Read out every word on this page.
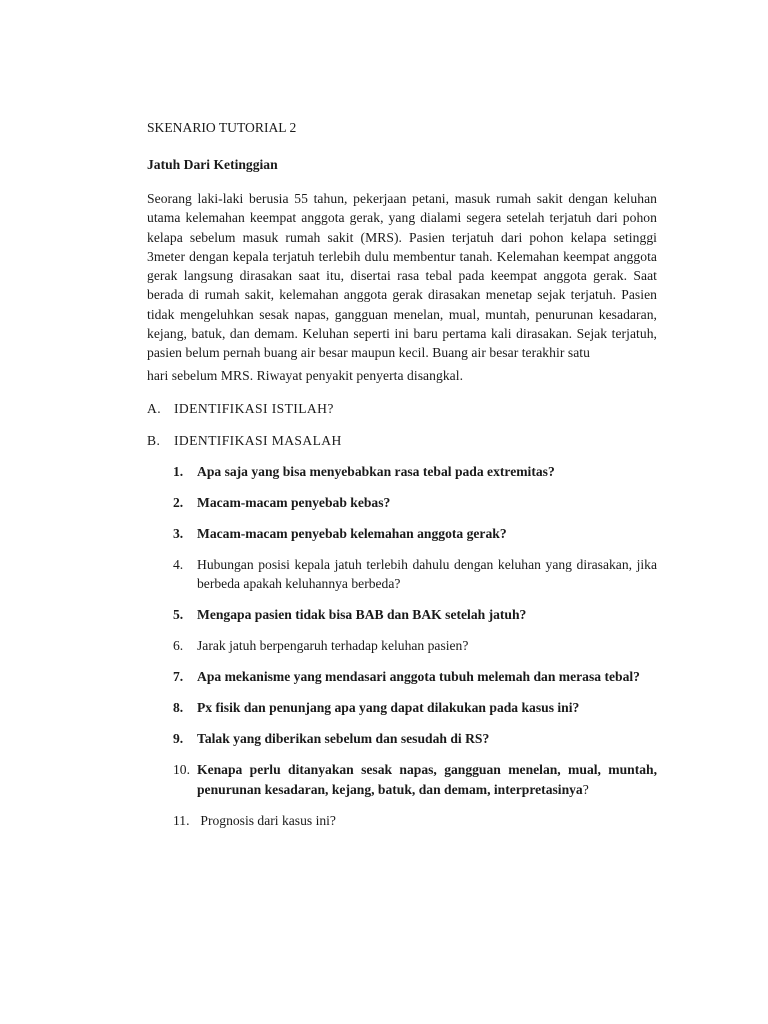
SKENARIO TUTORIAL 2

Jatuh Dari Ketinggian

Seorang laki-laki berusia 55 tahun, pekerjaan petani, masuk rumah sakit dengan keluhan utama kelemahan keempat anggota gerak, yang dialami segera setelah terjatuh dari pohon kelapa sebelum masuk rumah sakit (MRS). Pasien terjatuh dari pohon kelapa setinggi 3meter dengan kepala terjatuh terlebih dulu membentur tanah. Kelemahan keempat anggota gerak langsung dirasakan saat itu, disertai rasa tebal pada keempat anggota gerak. Saat berada di rumah sakit, kelemahan anggota gerak dirasakan menetap sejak terjatuh. Pasien tidak mengeluhkan sesak napas, gangguan menelan, mual, muntah, penurunan kesadaran, kejang, batuk, dan demam. Keluhan seperti ini baru pertama kali dirasakan. Sejak terjatuh, pasien belum pernah buang air besar maupun kecil. Buang air besar terakhir satu
hari sebelum MRS. Riwayat penyakit penyerta disangkal.

A. IDENTIFIKASI ISTILAH?
B.	IDENTIFIKASI MASALAH
1.	Apa saja yang bisa menyebabkan rasa tebal pada extremitas?
2.	Macam-macam penyebab kebas?
3.	Macam-macam penyebab kelemahan anggota gerak?
4.	Hubungan posisi kepala jatuh terlebih dahulu dengan keluhan yang dirasakan, jika berbeda apakah keluhannya berbeda?
5.	Mengapa pasien tidak bisa BAB dan BAK setelah jatuh?
6.	Jarak jatuh berpengaruh terhadap keluhan pasien?
7.	Apa mekanisme yang mendasari anggota tubuh melemah dan merasa tebal?
8.	Px fisik dan penunjang apa yang dapat dilakukan pada kasus ini?
9.	Talak yang diberikan sebelum dan sesudah di RS?
10. Kenapa perlu ditanyakan sesak napas, gangguan menelan, mual, muntah, penurunan kesadaran, kejang, batuk, dan demam, interpretasinya?
11. Prognosis dari kasus ini?
